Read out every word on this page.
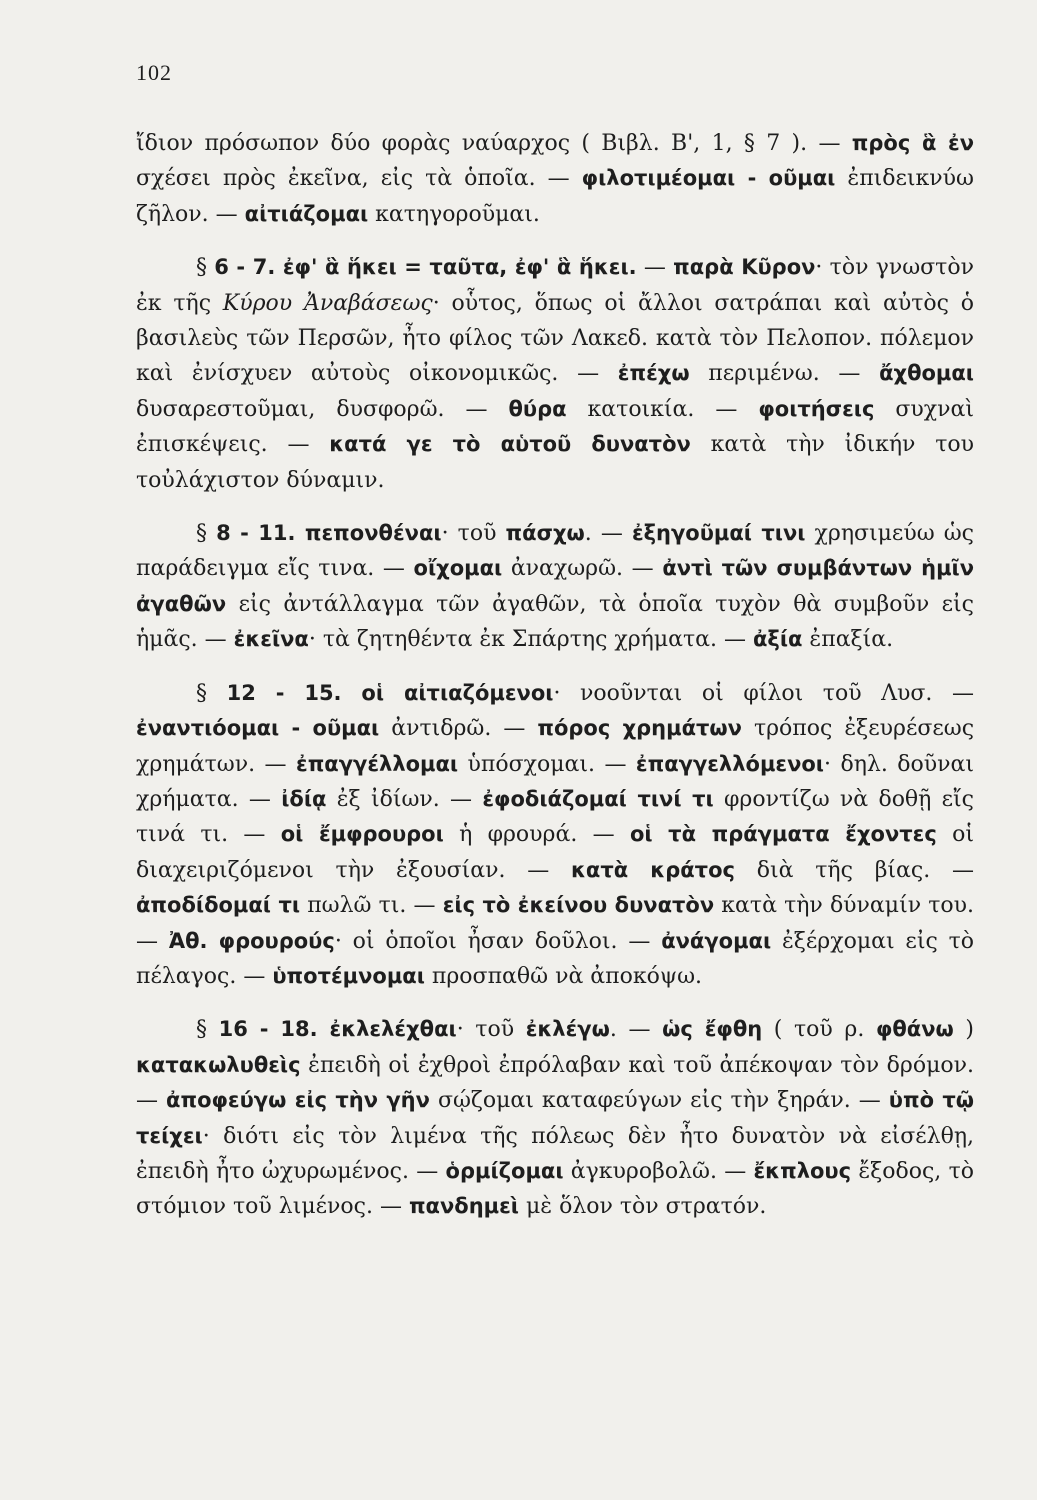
102

ἴδιον πρόσωπον δύο φορὰς ναύαρχος ( Βιβλ. Β', 1, § 7 ). — πρὸς ἃ ἐν σχέσει πρὸς ἐκεῖνα, εἰς τὰ ὁποῖα. — φιλοτιμέομαι - οῦμαι ἐπιδεικνύω ζῆλον. — αἰτιάζομαι κατηγοροῦμαι.

§ 6 - 7. ἐφ' ἃ ἥκει = ταῦτα, ἐφ' ἃ ἥκει. — παρὰ Κῦρον· τὸν γνωστὸν ἐκ τῆς Κύρου Ἀναβάσεως· οὗτος, ὅπως οἱ ἄλλοι σατράπαι καὶ αὐτὸς ὁ βασιλεὺς τῶν Περσῶν, ἦτο φίλος τῶν Λακεδ. κατὰ τὸν Πελοπον. πόλεμον καὶ ἐνίσχυεν αὐτοὺς οἰκονομικῶς. — ἐπέχω περιμένω. — ἄχθομαι δυσαρεστοῦμαι, δυσφορῶ. — θύρα κατοικία. — φοιτήσεις συχναὶ ἐπισκέψεις. — κατά γε τὸ αὑτοῦ δυνατὸν κατὰ τὴν ἰδικήν του τοὐλάχιστον δύναμιν.

§ 8 - 11. πεπονθέναι· τοῦ πάσχω. — ἐξηγοῦμαί τινι χρησιμεύω ὡς παράδειγμα εἴς τινα. — οἴχομαι ἀναχωρῶ. — ἀντὶ τῶν συμβάντων ἡμῖν ἀγαθῶν εἰς ἀντάλλαγμα τῶν ἀγαθῶν, τὰ ὁποῖα τυχὸν θὰ συμβοῦν εἰς ἡμᾶς. — ἐκεῖνα· τὰ ζητηθέντα ἐκ Σπάρτης χρήματα. — ἀξία ἐπαξία.

§ 12 - 15. οἱ αἰτιαζόμενοι· νοοῦνται οἱ φίλοι τοῦ Λυσ. — ἐναντιόομαι - οῦμαι ἀντιδρῶ. — πόρος χρημάτων τρόπος ἐξευρέσεως χρημάτων. — ἐπαγγέλλομαι ὑπόσχομαι. — ἐπαγγελλόμενοι· δηλ. δοῦναι χρήματα. — ἰδίᾳ ἐξ ἰδίων. — ἐφοδιάζομαί τινί τι φροντίζω νὰ δοθῇ εἴς τινά τι. — οἱ ἔμφρουροι ἡ φρουρά. — οἱ τὰ πράγματα ἔχοντες οἱ διαχειριζόμενοι τὴν ἐξουσίαν. — κατὰ κράτος διὰ τῆς βίας. — ἀποδίδομαί τι πωλῶ τι. — εἰς τὸ ἐκείνου δυνατὸν κατὰ τὴν δύναμίν του. — Ἀθ. φρουρούς· οἱ ὁποῖοι ἦσαν δοῦλοι. — ἀνάγομαι ἐξέρχομαι εἰς τὸ πέλαγος. — ὑποτέμνομαι προσπαθῶ νὰ ἀποκόψω.

§ 16 - 18. ἐκλελέχθαι· τοῦ ἐκλέγω. — ὡς ἔφθη ( τοῦ ρ. φθάνω ) κατακωλυθεὶς ἐπειδὴ οἱ ἐχθροὶ ἐπρόλαβαν καὶ τοῦ ἀπέκοψαν τὸν δρόμον. — ἀποφεύγω εἰς τὴν γῆν σῴζομαι καταφεύγων εἰς τὴν ξηράν. — ὑπὸ τῷ τείχει· διότι εἰς τὸν λιμένα τῆς πόλεως δὲν ἦτο δυνατὸν νὰ εἰσέλθῃ, ἐπειδὴ ἦτο ὠχυρωμένος. — ὁρμίζομαι ἀγκυροβολῶ. — ἔκπλους ἔξοδος, τὸ στόμιον τοῦ λιμένος. — πανδημεὶ μὲ ὅλον τὸν στρατόν.
